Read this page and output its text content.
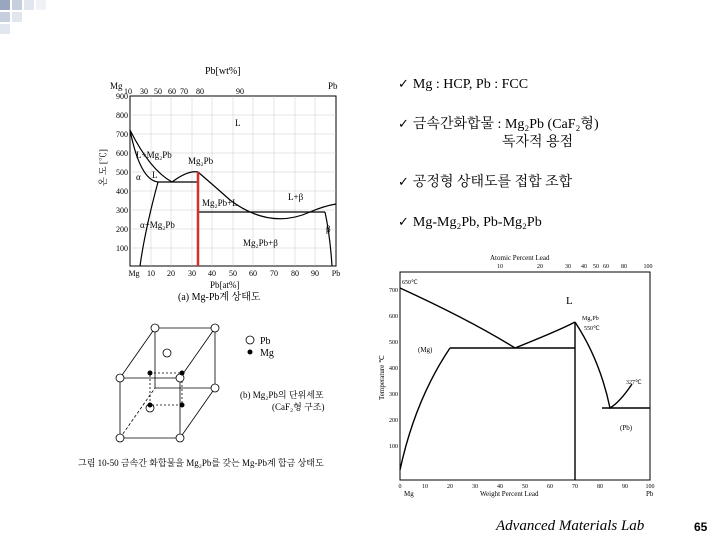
✓ Mg : HCP, Pb : FCC
✓ 금속간화합물 : Mg₂Pb (CaF₂형)
독자적 용점
✓ 공정형 상태도를 접합 조합
✓ Mg-Mg₂Pb, Pb-Mg₂Pb
Pb[wt%]
Mg	Pb
10 30 50 60 70 80	90
900
800
700
600
500
400
300
200
100
온 도 [℃]
Mg 10 20 30 40 50 60 70 80 90 Pb
Pb[at%]
L
L+Mg₂Pb
Mg₂Pb
α L
Mg₂Pb+L
L+β
β
α+Mg₂Pb
Mg₂Pb+β
(a) Mg-Pb계 상태도
Pb
Mg
(b) Mg₂Pb의 단위세포
(CaF₂형 구조)
그림 10-50 금속간 화합물을 Mg₂Pb를 갖는 Mg-Pb계 합금 상태도
Atomic Percent Lead
10	20	30 40 50 60 80	100
700
600
500
400
300
200
100
Temperature ℃
0	10	20	30	40	50	60	70	80	90	100
Mg	Pb
Weight Percent Lead
L
(Mg)
(Pb)
Mg₂Pb
650℃
550℃
327℃
Advanced Materials Lab	65
